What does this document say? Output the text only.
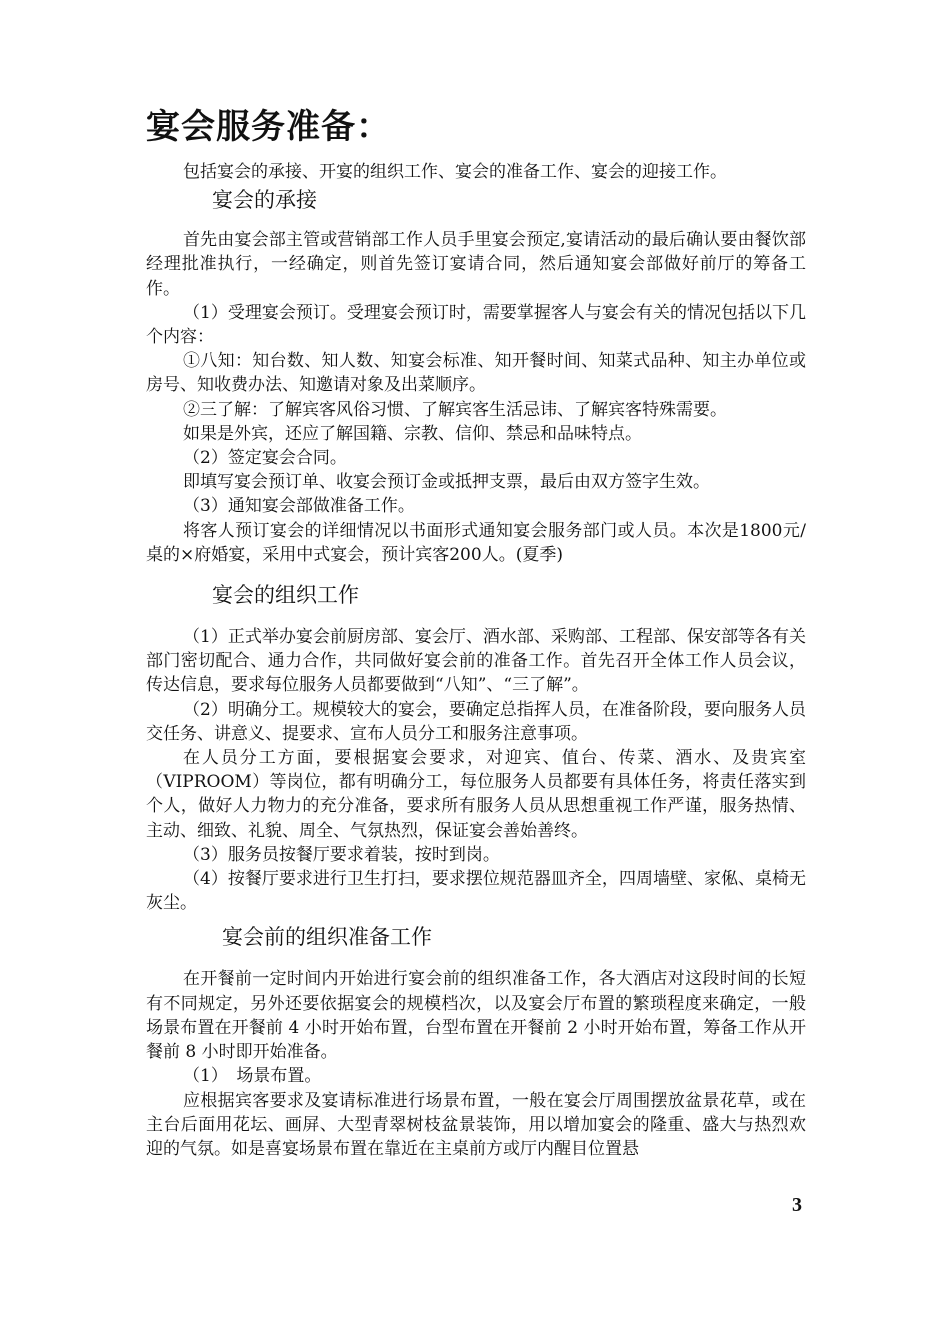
宴会服务准备：

包括宴会的承接、开宴的组织工作、宴会的准备工作、宴会的迎接工作。

宴会的承接

首先由宴会部主管或营销部工作人员手里宴会预定,宴请活动的最后确认要由餐饮部经理批准执行，一经确定，则首先签订宴请合同，然后通知宴会部做好前厅的筹备工作。

（1）受理宴会预订。受理宴会预订时，需要掌握客人与宴会有关的情况包括以下几个内容：

①八知：知台数、知人数、知宴会标准、知开餐时间、知菜式品种、知主办单位或房号、知收费办法、知邀请对象及出菜顺序。

②三了解：了解宾客风俗习惯、了解宾客生活忌讳、了解宾客特殊需要。

如果是外宾，还应了解国籍、宗教、信仰、禁忌和品味特点。

（2）签定宴会合同。

即填写宴会预订单、收宴会预订金或抵押支票，最后由双方签字生效。

（3）通知宴会部做准备工作。

将客人预订宴会的详细情况以书面形式通知宴会服务部门或人员。本次是1800元/桌的×府婚宴，采用中式宴会，预计宾客200人。(夏季)

宴会的组织工作

（1）正式举办宴会前厨房部、宴会厅、酒水部、采购部、工程部、保安部等各有关部门密切配合、通力合作，共同做好宴会前的准备工作。首先召开全体工作人员会议，传达信息，要求每位服务人员都要做到“八知”、“三了解”。

（2）明确分工。规模较大的宴会，要确定总指挥人员，在准备阶段，要向服务人员交任务、讲意义、提要求、宣布人员分工和服务注意事项。

在人员分工方面，要根据宴会要求，对迎宾、值台、传菜、酒水、及贵宾室（VIPROOM）等岗位，都有明确分工，每位服务人员都要有具体任务，将责任落实到个人，做好人力物力的充分准备，要求所有服务人员从思想重视工作严谨，服务热情、主动、细致、礼貌、周全、气氛热烈，保证宴会善始善终。

（3）服务员按餐厅要求着装，按时到岗。

（4）按餐厅要求进行卫生打扫，要求摆位规范器皿齐全，四周墙壁、家俬、桌椅无灰尘。

宴会前的组织准备工作

在开餐前一定时间内开始进行宴会前的组织准备工作，各大酒店对这段时间的长短有不同规定，另外还要依据宴会的规模档次，以及宴会厅布置的繁琐程度来确定，一般场景布置在开餐前 4 小时开始布置，台型布置在开餐前 2 小时开始布置，筹备工作从开餐前 8 小时即开始准备。

（1）　场景布置。

应根据宾客要求及宴请标准进行场景布置，一般在宴会厅周围摆放盆景花草，或在主台后面用花坛、画屏、大型青翠树枝盆景装饰，用以增加宴会的隆重、盛大与热烈欢迎的气氛。如是喜宴场景布置在靠近在主桌前方或厅内醒目位置悬

3
